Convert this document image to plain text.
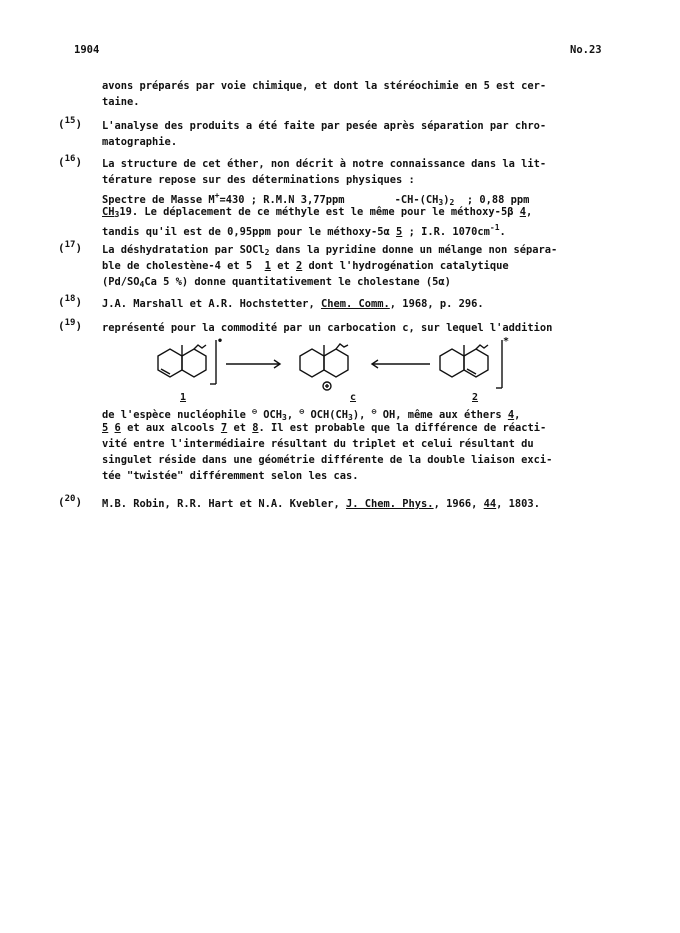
1904	No.23
avons préparés par voie chimique, et dont la stéréochimie en 5 est cer-
taine.
($^{15}$) L'analyse des produits a été faite par pesée après séparation par chro-
matographie.
($^{16}$) La structure de cet éther, non décrit à notre connaissance dans la lit-
térature repose sur des déterminations physiques :
Spectre de Masse M+=430 ; R.M.N 3,77ppm	$-CH-(CH_3)_2$ ; 0,88 ppm
$CH_319$. Le déplacement de ce méthyle est le même pour le méthoxy-5β 4,
tandis qu'il est de 0,95ppm pour le méthoxy-5α 5 ; I.R. $1070cm^{-1}$.
($^{17}$) La déshydratation par SOCl$_2$ dans la pyridine donne un mélange non sépara-
ble de cholestène-4 et 5 1 et 2 dont l'hydrogénation catalytique
($Pd/SO_4Ca$ 5 %) donne quantitativement le cholestane (5α)
($^{18}$) J.A. Marshall et A.R. Hochstetter, Chem. Comm., 1968, p. 296.
($^{19}$) représenté pour la commodité par un carbocation c, sur lequel l'addition
•	*
1	c	2
de l'espèce nucléophile ⊖ $OCH_3$, ⊖ $OCH(CH_3)$, ⊖ OH, même aux éthers 4,
5 6 et aux alcools 7 et 8. Il est probable que la différence de réacti-
vité entre l'intermédiaire résultant du triplet et celui résultant du
singulet réside dans une géométrie différente de la double liaison exci-
tée "twistée" différemment selon les cas.
($^{20}$) M.B. Robin, R.R. Hart et N.A. Kvebler, J. Chem. Phys., 1966, 44, 1803.
